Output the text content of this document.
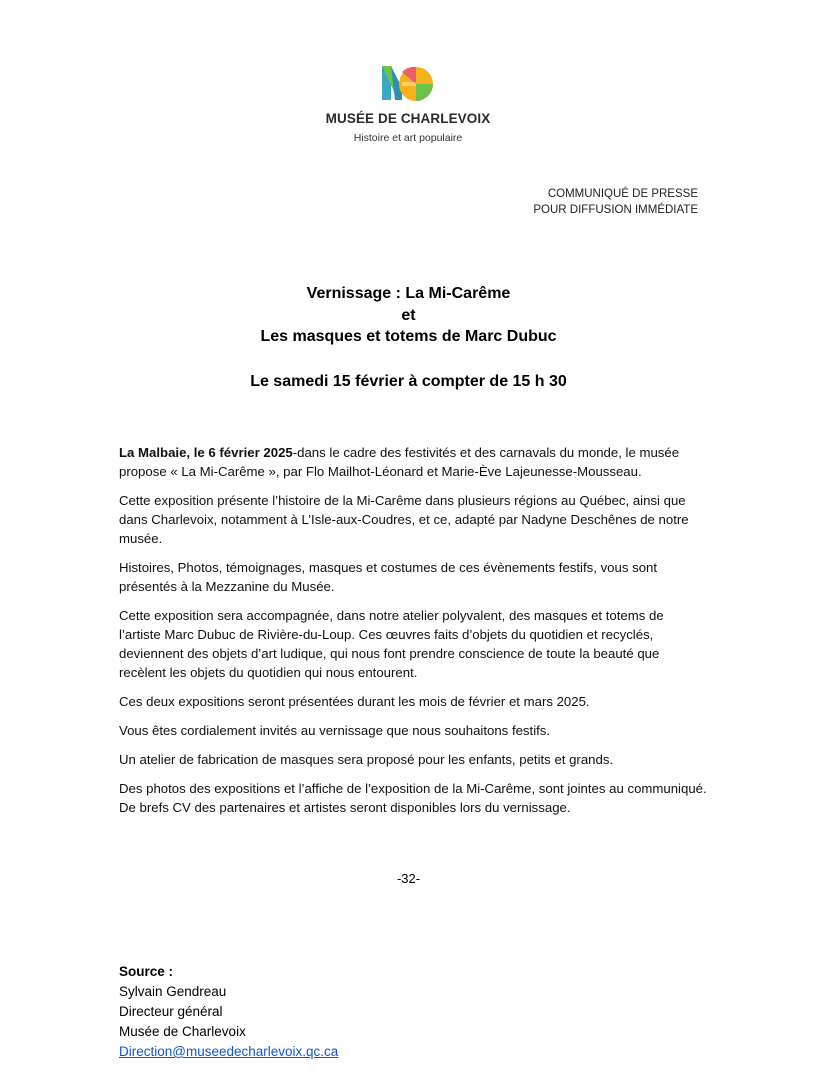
MUSÉE DE CHARLEVOIX
Histoire et art populaire
COMMUNIQUÉ DE PRESSE
POUR DIFFUSION IMMÉDIATE
Vernissage : La Mi-Carême
et
Les masques et totems de Marc Dubuc
Le samedi 15 février à compter de 15 h 30

La Malbaie, le 6 février 2025-dans le cadre des festivités et des carnavals du monde, le musée propose « La Mi-Carême », par Flo Mailhot-Léonard et Marie-Ève Lajeunesse-Mousseau.

Cette exposition présente l’histoire de la Mi-Carême dans plusieurs régions au Québec, ainsi que dans Charlevoix, notamment à L’Isle-aux-Coudres, et ce, adapté par Nadyne Deschênes de notre musée.

Histoires, Photos, témoignages, masques et costumes de ces évènements festifs, vous sont présentés à la Mezzanine du Musée.

Cette exposition sera accompagnée, dans notre atelier polyvalent, des masques et totems de l’artiste Marc Dubuc de Rivière-du-Loup. Ces œuvres faits d’objets du quotidien et recyclés, deviennent des objets d’art ludique, qui nous font prendre conscience de toute la beauté que recèlent les objets du quotidien qui nous entourent.

Ces deux expositions seront présentées durant les mois de février et mars 2025.

Vous êtes cordialement invités au vernissage que nous souhaitons festifs.

Un atelier de fabrication de masques sera proposé pour les enfants, petits et grands.

Des photos des expositions et l’affiche de l’exposition de la Mi-Carême, sont jointes au communiqué. De brefs CV des partenaires et artistes seront disponibles lors du vernissage.

-32-
Source :
Sylvain Gendreau
Directeur général
Musée de Charlevoix
Direction@museedecharlevoix.qc.ca
